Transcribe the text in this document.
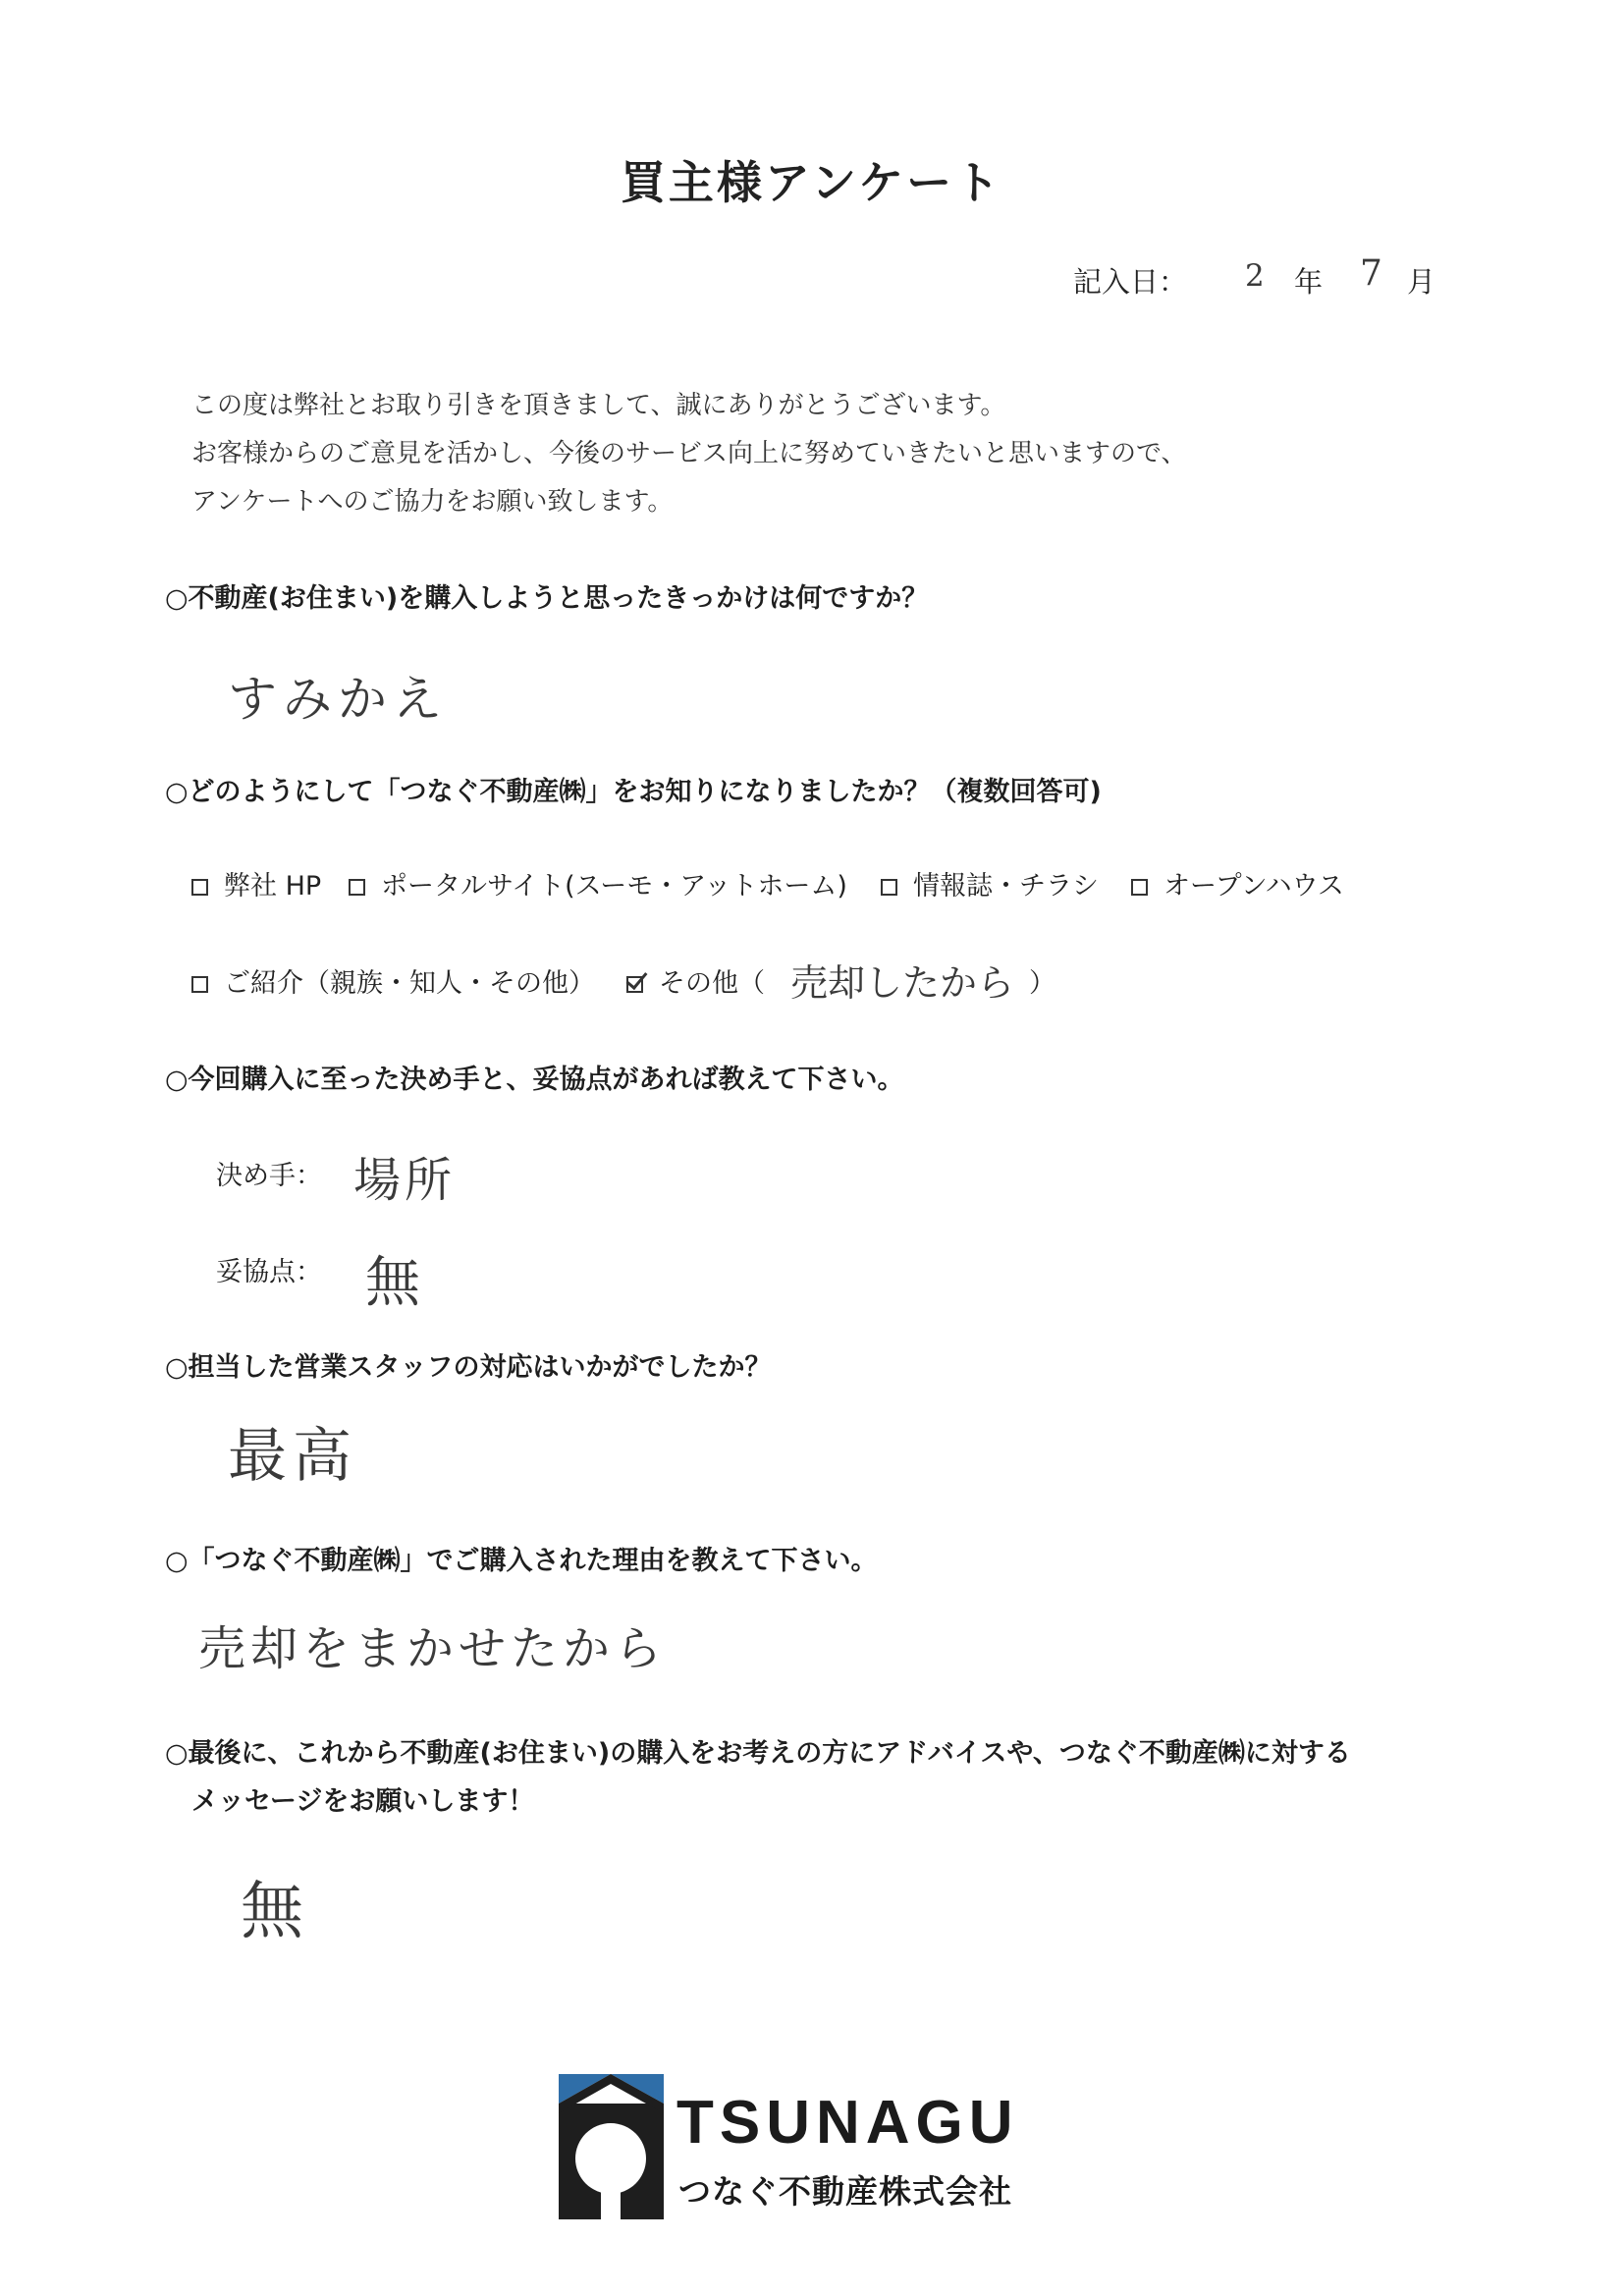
買主様アンケート
記入日： 2 年 7 月
この度は弊社とお取り引きを頂きまして、誠にありがとうございます。
お客様からのご意見を活かし、今後のサービス向上に努めていきたいと思いますので、
アンケートへのご協力をお願い致します。
○不動産(お住まい)を購入しようと思ったきっかけは何ですか？
すみかえ
○どのようにして「つなぐ不動産㈱」をお知りになりましたか？（複数回答可)
弊社 HP	ポータルサイト(スーモ・アットホーム)	情報誌・チラシ	オープンハウス
ご紹介（親族・知人・その他）	その他（ 売却したから ）
○今回購入に至った決め手と、妥協点があれば教えて下さい。
決め手： 場所
妥協点： 無
○担当した営業スタッフの対応はいかがでしたか？
最高
○「つなぐ不動産㈱」でご購入された理由を教えて下さい。
売却をまかせたから
○最後に、これから不動産(お住まい)の購入をお考えの方にアドバイスや、つなぐ不動産㈱に対する
メッセージをお願いします！
無
TSUNAGU
つなぐ不動産株式会社
